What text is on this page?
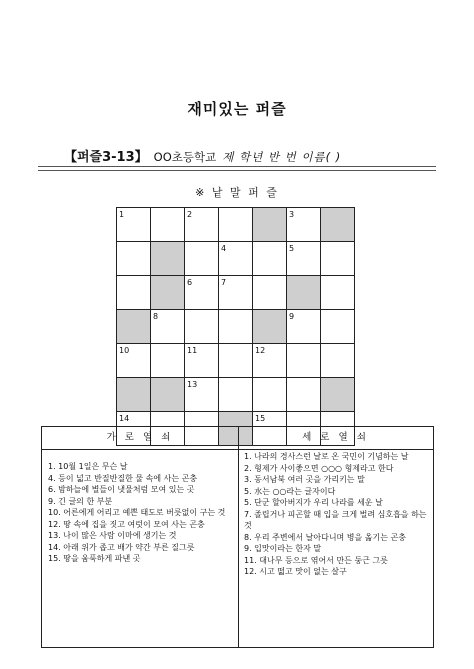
재미있는 퍼즐
【퍼즐3-13】 OO초등학교 제 학년 반 번 이름( )
※ 낱 말 퍼 즐
1		2			3	

			4		5	

		6	7			

	8				9	

10		11		12		

		13				

14				15		

가 로 열 쇠	세 로 열 쇠
1. 10월 1일은 무슨 날
4. 등이 넓고 반질반질한 물 속에 사는 곤충
6. 밤하늘에 별들이 냇물처럼 모여 있는 곳
9. 긴 글의 한 부분
10. 어른에게 어리고 예쁜 태도로 버릇없이 구는 것
12. 땅 속에 집을 짓고 여럿이 모여 사는 곤충
13. 나이 많은 사람 이마에 생기는 것
14. 아래 위가 좁고 배가 약간 부른 질그릇
15. 땅을 움푹하게 파낸 곳
1. 나라의 경사스런 날로 온 국민이 기념하는 날
2. 형제가 사이좋으면 ○○○ 형제라고 한다
3. 동서남북 여러 곳을 가리키는 말
5. 水는 ○○라는 글자이다
5. 단군 할아버지가 우리 나라를 세운 날
7. 졸립거나 피곤할 때 입을 크게 벌려 심호흡을 하는 것
8. 우리 주변에서 날아다니며 병을 옮기는 곤충
9. 입맛이라는 한자 말
11. 대나무 등으로 엮어서 만든 둥근 그릇
12. 시고 떫고 맛이 없는 살구
